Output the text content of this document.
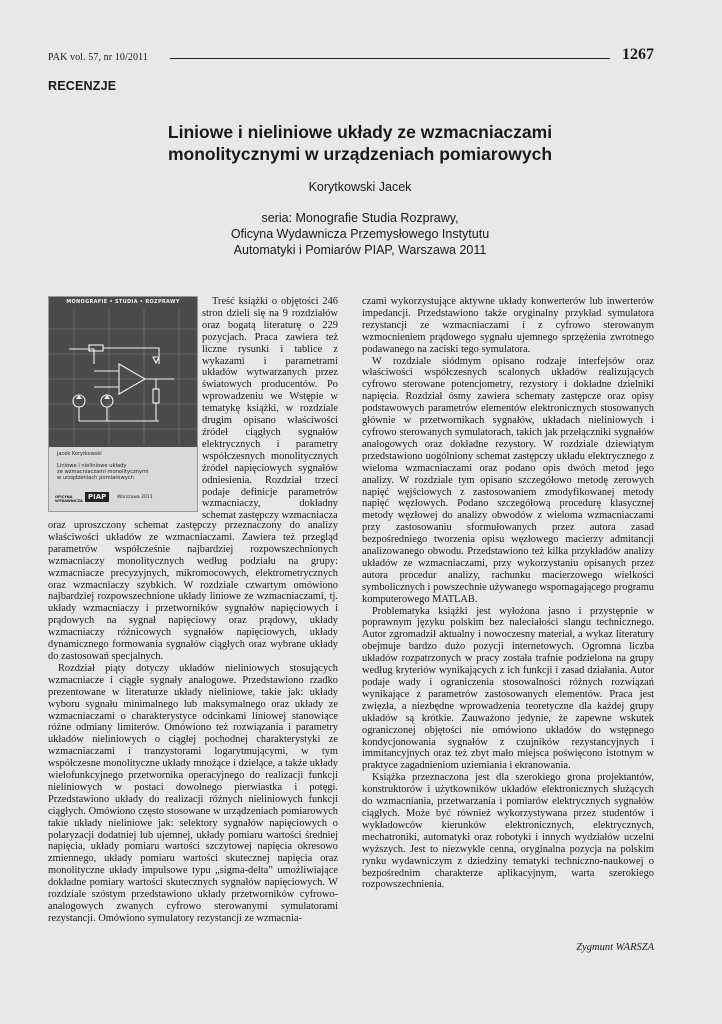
PAK vol. 57, nr 10/2011	1267
RECENZJE
Liniowe i nieliniowe układy ze wzmacniaczami
monolitycznymi w urządzeniach pomiarowych
Korytkowski Jacek
seria: Monografie Studia Rozprawy,
Oficyna Wydawnicza Przemysłowego Instytutu
Automatyki i Pomiarów PIAP, Warszawa 2011
MONOGRAFIE • STUDIA • ROZPRAWY
Jacek Korytkowski
Liniowe i nieliniowe układy
ze wzmacniaczami monolitycznymi
w urządzeniach pomiarowych
OFICYNA WYDAWNICZA PIAP	Warszawa 2011

Treść książki o objętości 246 stron dzieli się na 9 rozdziałów oraz bogatą literaturę o 229 pozycjach. Praca zawiera też liczne rysunki i tablice z wykazami i parametrami układów wytwarzanych przez światowych producentów. Po wprowadzeniu we Wstępie w tematykę książki, w rozdziale drugim opisano właściwości źródeł ciągłych sygnałów elektrycznych i parametry współczesnych monolitycznych źródeł napięciowych sygnałów odniesienia. Rozdział trzeci podaje definicje parametrów wzmacniaczy, dokładny schemat zastępczy wzmacniacza

oraz uproszczony schemat zastępczy przeznaczony do analizy właściwości układów ze wzmacniaczami. Zawiera też przegląd parametrów współcześnie najbardziej rozpowszechnionych wzmacniaczy monolitycznych według podziału na grupy: wzmacniacze precyzyjnych, mikromocowych, elektrometrycznych oraz wzmacniaczy szybkich. W rozdziale czwartym omówiono najbardziej rozpowszechnione układy liniowe ze wzmacniaczami, tj. układy wzmacniaczy i przetworników sygnałów napięciowych i prądowych na sygnał napięciowy oraz prądowy, układy wzmacniaczy różnicowych sygnałów napięciowych, układy dynamicznego formowania sygnałów ciągłych oraz wybrane układy do zastosowań specjalnych.

Rozdział piąty dotyczy układów nieliniowych stosujących wzmacniacze i ciągłe sygnały analogowe. Przedstawiono rzadko prezentowane w literaturze układy nieliniowe, takie jak: układy wyboru sygnału minimalnego lub maksymalnego oraz układy ze wzmacniaczami o charakterystyce odcinkami liniowej stanowiące różne odmiany limiterów. Omówiono też rozwiązania i parametry układów nieliniowych o ciągłej pochodnej charakterystyki ze wzmacniaczami i tranzystorami logarytmującymi, w tym współczesne monolityczne układy mnożące i dzielące, a także układy wielofunkcyjnego przetwornika operacyjnego do realizacji funkcji nieliniowych w postaci dowolnego pierwiastka i potęgi. Przedstawiono układy do realizacji różnych nieliniowych funkcji ciągłych. Omówiono często stosowane w urządzeniach pomiarowych takie układy nieliniowe jak: selektory sygnałów napięciowych o polaryzacji dodatniej lub ujemnej, układy pomiaru wartości średniej napięcia, układy pomiaru wartości szczytowej napięcia okresowo zmiennego, układy pomiaru wartości skutecznej napięcia oraz monolityczne układy impulsowe typu „sigma-delta” umożliwiające dokładne pomiary wartości skutecznych sygnałów napięciowych. W rozdziale szóstym przedstawiono układy przetworników cyfrowo-analogowych zwanych cyfrowo sterowanymi symulatorami rezystancji. Omówiono symulatory rezystancji ze wzmacnia-

czami wykorzystujące aktywne układy konwerterów lub inwerterów impedancji. Przedstawiono także oryginalny przykład symulatora rezystancji ze wzmacniaczami i z cyfrowo sterowanym wzmocnieniem prądowego sygnału ujemnego sprzężenia zwrotnego podawanego na zaciski tego symulatora.

W rozdziale siódmym opisano rodzaje interfejsów oraz właściwości współczesnych scalonych układów realizujących cyfrowo sterowane potencjometry, rezystory i dokładne dzielniki napięcia. Rozdział ósmy zawiera schematy zastępcze oraz opisy podstawowych parametrów elementów elektronicznych stosowanych głównie w przetwornikach sygnałów, układach nieliniowych i cyfrowo sterowanych symulatorach, takich jak przełączniki sygnałów analogowych oraz dokładne rezystory. W rozdziale dziewiątym przedstawiono uogólniony schemat zastępczy układu elektrycznego z wieloma wzmacniaczami oraz podano opis dwóch metod jego analizy. W rozdziale tym opisano szczegółowo metodę zerowych napięć węjściowych z zastosowaniem zmodyfikowanej metody napięć węzłowych. Podano szczegółową procedurę klasycznej metody węzłowej do analizy obwodów z wieloma wzmacniaczami przy zastosowaniu sformułowanych przez autora zasad bezpośredniego tworzenia opisu węzłowego macierzy admitancji analizowanego obwodu. Przedstawiono też kilka przykładów analizy układów ze wzmacniaczami, przy wykorzystaniu opisanych przez autora procedur analizy, rachunku macierzowego wielkości symbolicznych i powszechnie używanego wspomagającego programu komputerowego MATLAB.

Problematyka książki jest wyłożona jasno i przystępnie w poprawnym języku polskim bez naleciałości slangu technicznego. Autor zgromadził aktualny i nowoczesny materiał, a wykaz literatury obejmuje bardzo dużo pozycji internetowych. Ogromna liczba układów rozpatrzonych w pracy została trafnie podzielona na grupy według kryteriów wynikających z ich funkcji i zasad działania. Autor podaje wady i ograniczenia stosowalności różnych rozwiązań wynikające z parametrów zastosowanych elementów. Praca jest zwięzła, a niezbędne wprowadzenia teoretyczne dla każdej grupy układów są krótkie. Zauważono jedynie, że zapewne wskutek ograniczonej objętości nie omówiono układów do wstępnego kondycjonowania sygnałów z czujników rezystancyjnych i immitancyjnych oraz też zbyt mało miejsca poświęcono istotnym w praktyce zagadnieniom uziemiania i ekranowania.

Książka przeznaczona jest dla szerokiego grona projektantów, konstruktorów i użytkowników układów elektronicznych służących do wzmacniania, przetwarzania i pomiarów elektrycznych sygnałów ciągłych. Może być również wykorzystywana przez studentów i wykładowców kierunków elektronicznych, elektrycznych, mechatroniki, automatyki oraz robotyki i innych wydziałów uczelni wyższych. Jest to niezwykle cenna, oryginalna pozycja na polskim rynku wydawniczym z dziedziny tematyki techniczno-naukowej o bezpośrednim charakterze aplikacyjnym, warta szerokiego rozpowszechnienia.

Zygmunt WARSZA
